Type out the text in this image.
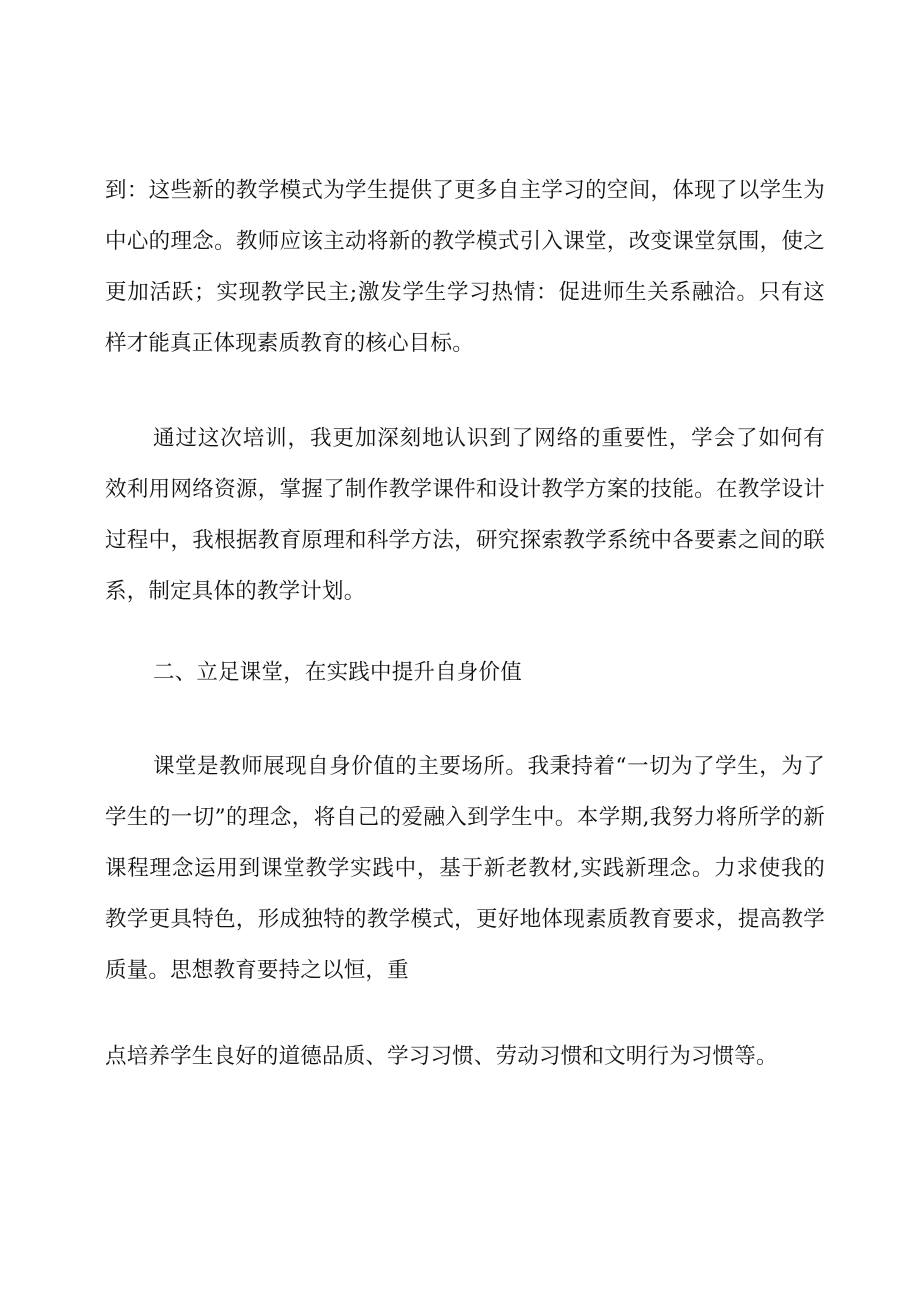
到：这些新的教学模式为学生提供了更多自主学习的空间，体现了以学生为中心的理念。教师应该主动将新的教学模式引入课堂，改变课堂氛围，使之更加活跃；实现教学民主;激发学生学习热情：促进师生关系融洽。只有这样才能真正体现素质教育的核心目标。

通过这次培训，我更加深刻地认识到了网络的重要性，学会了如何有效利用网络资源，掌握了制作教学课件和设计教学方案的技能。在教学设计过程中，我根据教育原理和科学方法，研究探索教学系统中各要素之间的联系，制定具体的教学计划。

二、立足课堂，在实践中提升自身价值

课堂是教师展现自身价值的主要场所。我秉持着“一切为了学生，为了学生的一切”的理念，将自己的爱融入到学生中。本学期,我努力将所学的新课程理念运用到课堂教学实践中，基于新老教材,实践新理念。力求使我的教学更具特色，形成独特的教学模式，更好地体现素质教育要求，提高教学质量。思想教育要持之以恒，重

点培养学生良好的道德品质、学习习惯、劳动习惯和文明行为习惯等。
